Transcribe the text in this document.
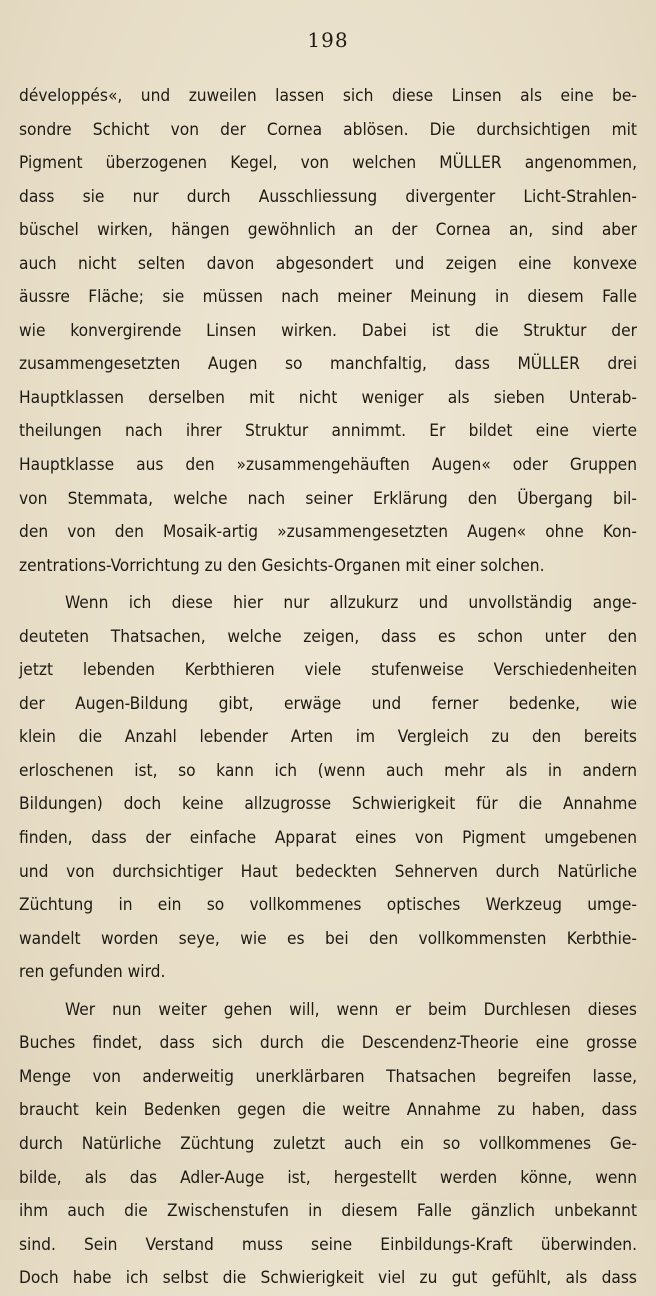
198
développés«, und zuweilen lassen sich diese Linsen als eine be-
sondre Schicht von der Cornea ablösen. Die durchsichtigen mit
Pigment überzogenen Kegel, von welchen MÜLLER angenommen,
dass sie nur durch Ausschliessung divergenter Licht-Strahlen-
büschel wirken, hängen gewöhnlich an der Cornea an, sind aber
auch nicht selten davon abgesondert und zeigen eine konvexe
äussre Fläche; sie müssen nach meiner Meinung in diesem Falle
wie konvergirende Linsen wirken. Dabei ist die Struktur der
zusammengesetzten Augen so manchfaltig, dass MÜLLER drei
Hauptklassen derselben mit nicht weniger als sieben Unterab-
theilungen nach ihrer Struktur annimmt. Er bildet eine vierte
Hauptklasse aus den »zusammengehäuften Augen« oder Gruppen
von Stemmata, welche nach seiner Erklärung den Übergang bil-
den von den Mosaik-artig »zusammengesetzten Augen« ohne Kon-
zentrations-Vorrichtung zu den Gesichts-Organen mit einer solchen.
Wenn ich diese hier nur allzukurz und unvollständig ange-
deuteten Thatsachen, welche zeigen, dass es schon unter den
jetzt lebenden Kerbthieren viele stufenweise Verschiedenheiten
der Augen-Bildung gibt, erwäge und ferner bedenke, wie
klein die Anzahl lebender Arten im Vergleich zu den bereits
erloschenen ist, so kann ich (wenn auch mehr als in andern
Bildungen) doch keine allzugrosse Schwierigkeit für die Annahme
finden, dass der einfache Apparat eines von Pigment umgebenen
und von durchsichtiger Haut bedeckten Sehnerven durch Natürliche
Züchtung in ein so vollkommenes optisches Werkzeug umge-
wandelt worden seye, wie es bei den vollkommensten Kerbthie-
ren gefunden wird.
Wer nun weiter gehen will, wenn er beim Durchlesen dieses
Buches findet, dass sich durch die Descendenz-Theorie eine grosse
Menge von anderweitig unerklärbaren Thatsachen begreifen lasse,
braucht kein Bedenken gegen die weitre Annahme zu haben, dass
durch Natürliche Züchtung zuletzt auch ein so vollkommenes Ge-
bilde, als das Adler-Auge ist, hergestellt werden könne, wenn
ihm auch die Zwischenstufen in diesem Falle gänzlich unbekannt
sind. Sein Verstand muss seine Einbildungs-Kraft überwinden.
Doch habe ich selbst die Schwierigkeit viel zu gut gefühlt, als dass
